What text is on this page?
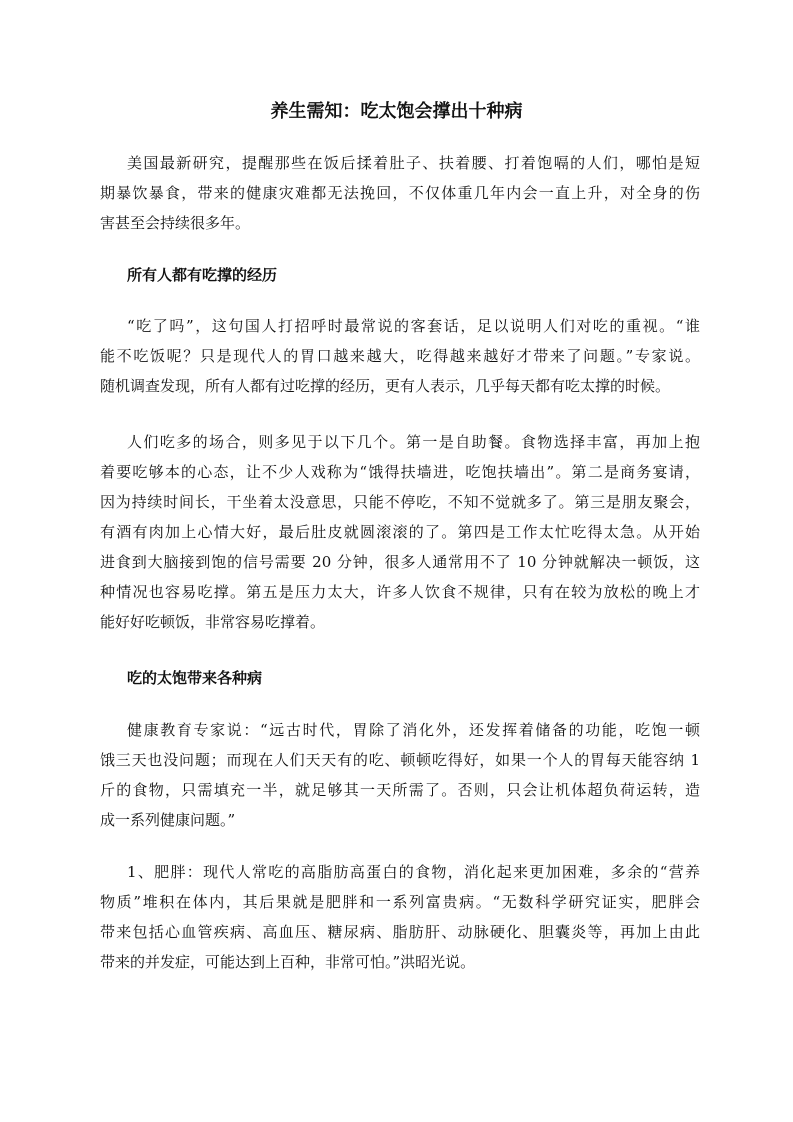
养生需知：吃太饱会撑出十种病
美国最新研究，提醒那些在饭后揉着肚子、扶着腰、打着饱嗝的人们，哪怕是短
期暴饮暴食，带来的健康灾难都无法挽回，不仅体重几年内会一直上升，对全身的伤
害甚至会持续很多年。
所有人都有吃撑的经历
“吃了吗”，这句国人打招呼时最常说的客套话，足以说明人们对吃的重视。“谁
能不吃饭呢？只是现代人的胃口越来越大，吃得越来越好才带来了问题。”专家说。
随机调查发现，所有人都有过吃撑的经历，更有人表示，几乎每天都有吃太撑的时候。
人们吃多的场合，则多见于以下几个。第一是自助餐。食物选择丰富，再加上抱
着要吃够本的心态，让不少人戏称为“饿得扶墙进，吃饱扶墙出”。第二是商务宴请，
因为持续时间长，干坐着太没意思，只能不停吃，不知不觉就多了。第三是朋友聚会，
有酒有肉加上心情大好，最后肚皮就圆滚滚的了。第四是工作太忙吃得太急。从开始
进食到大脑接到饱的信号需要 20 分钟，很多人通常用不了 10 分钟就解决一顿饭，这
种情况也容易吃撑。第五是压力太大，许多人饮食不规律，只有在较为放松的晚上才
能好好吃顿饭，非常容易吃撑着。
吃的太饱带来各种病
健康教育专家说：“远古时代，胃除了消化外，还发挥着储备的功能，吃饱一顿
饿三天也没问题；而现在人们天天有的吃、顿顿吃得好，如果一个人的胃每天能容纳 1
斤的食物，只需填充一半，就足够其一天所需了。否则，只会让机体超负荷运转，造
成一系列健康问题。”
1、肥胖：现代人常吃的高脂肪高蛋白的食物，消化起来更加困难，多余的“营养
物质”堆积在体内，其后果就是肥胖和一系列富贵病。“无数科学研究证实，肥胖会
带来包括心血管疾病、高血压、糖尿病、脂肪肝、动脉硬化、胆囊炎等，再加上由此
带来的并发症，可能达到上百种，非常可怕。”洪昭光说。
